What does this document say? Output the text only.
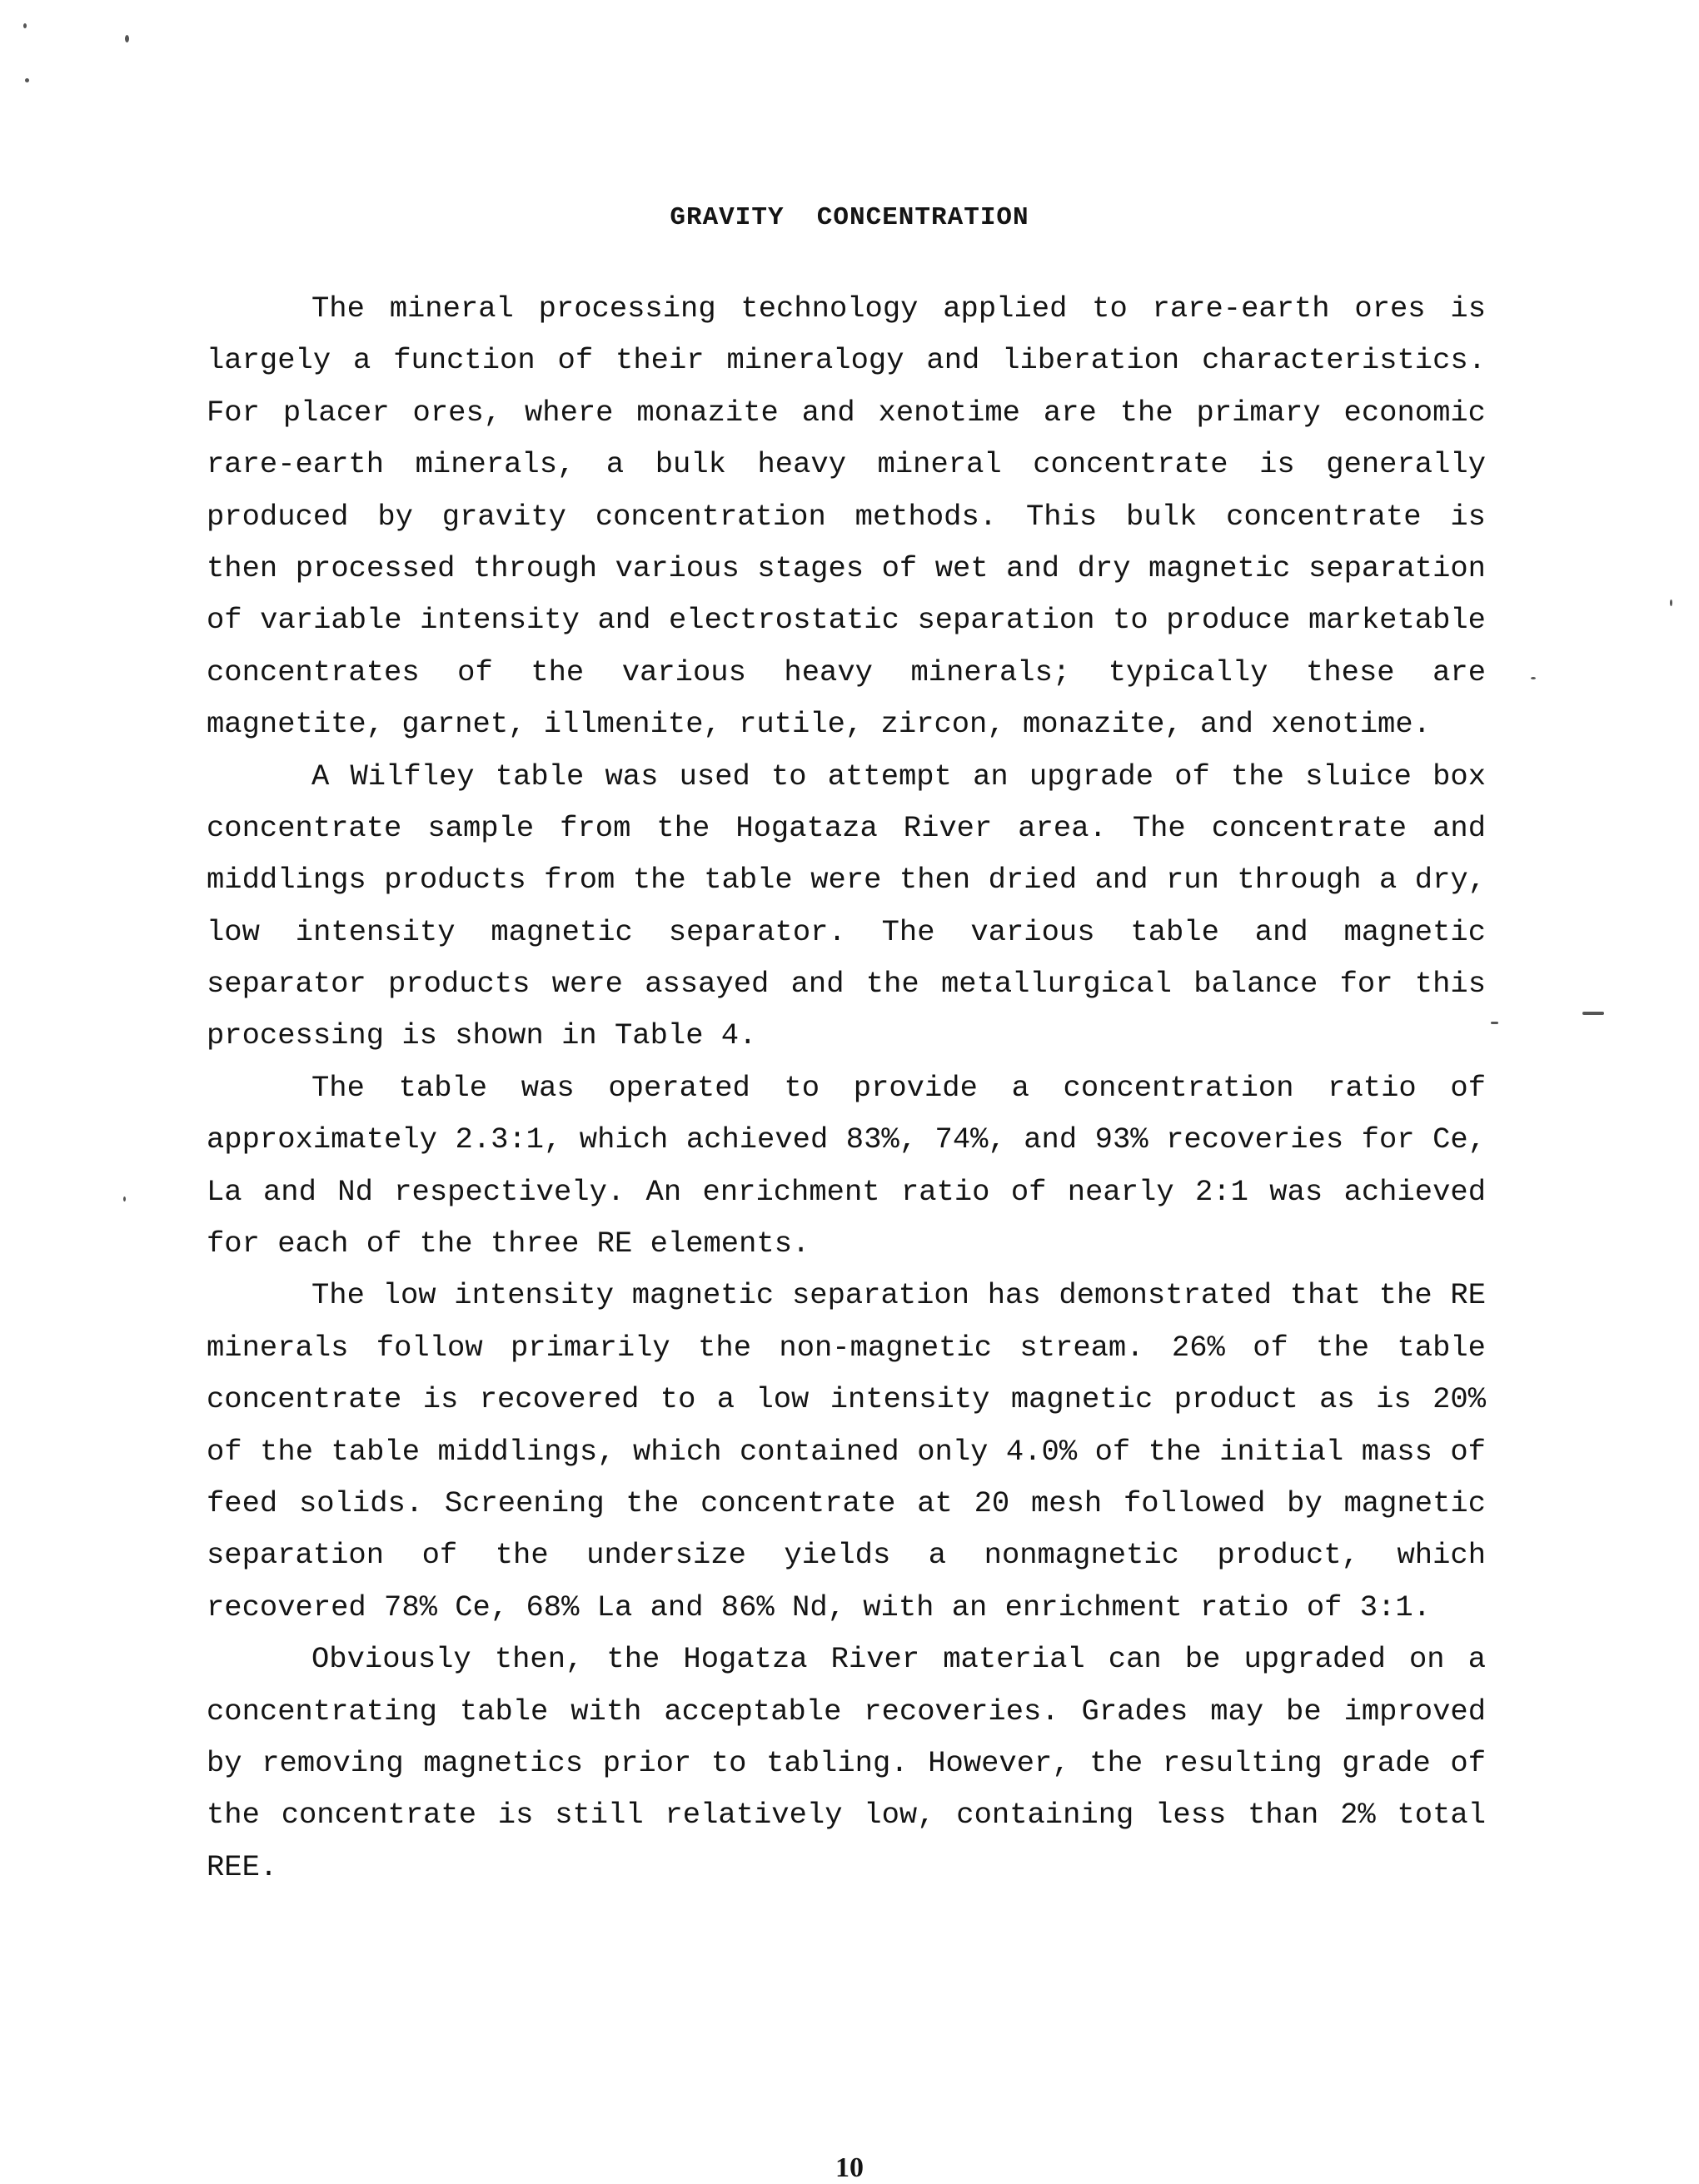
GRAVITY  CONCENTRATION
The mineral processing technology applied to rare-earth ores is
largely a function of their mineralogy and liberation characteristics.
For placer ores, where monazite and xenotime are the primary economic
rare-earth minerals, a bulk heavy mineral concentrate is generally
produced by gravity concentration methods. This bulk concentrate is
then processed through various stages of wet and dry magnetic separation
of variable intensity and electrostatic separation to produce marketable
concentrates of the various heavy minerals; typically these are
magnetite, garnet, illmenite, rutile, zircon, monazite, and xenotime.
A Wilfley table was used to attempt an upgrade of the sluice box
concentrate sample from the Hogataza River area. The concentrate and
middlings products from the table were then dried and run through a dry,
low intensity magnetic separator. The various table and magnetic
separator products were assayed and the metallurgical balance for this
processing is shown in Table 4.
The table was operated to provide a concentration ratio of
approximately 2.3:1, which achieved 83%, 74%, and 93% recoveries for Ce,
La and Nd respectively. An enrichment ratio of nearly 2:1 was achieved
for each of the three RE elements.
The low intensity magnetic separation has demonstrated that the RE
minerals follow primarily the non-magnetic stream. 26% of the table
concentrate is recovered to a low intensity magnetic product as is 20%
of the table middlings, which contained only 4.0% of the initial mass of
feed solids. Screening the concentrate at 20 mesh followed by magnetic
separation of the undersize yields a nonmagnetic product, which
recovered 78% Ce, 68% La and 86% Nd, with an enrichment ratio of 3:1.
Obviously then, the Hogatza River material can be upgraded on a
concentrating table with acceptable recoveries. Grades may be improved
by removing magnetics prior to tabling. However, the resulting grade of
the concentrate is still relatively low, containing less than 2% total
REE.
10
